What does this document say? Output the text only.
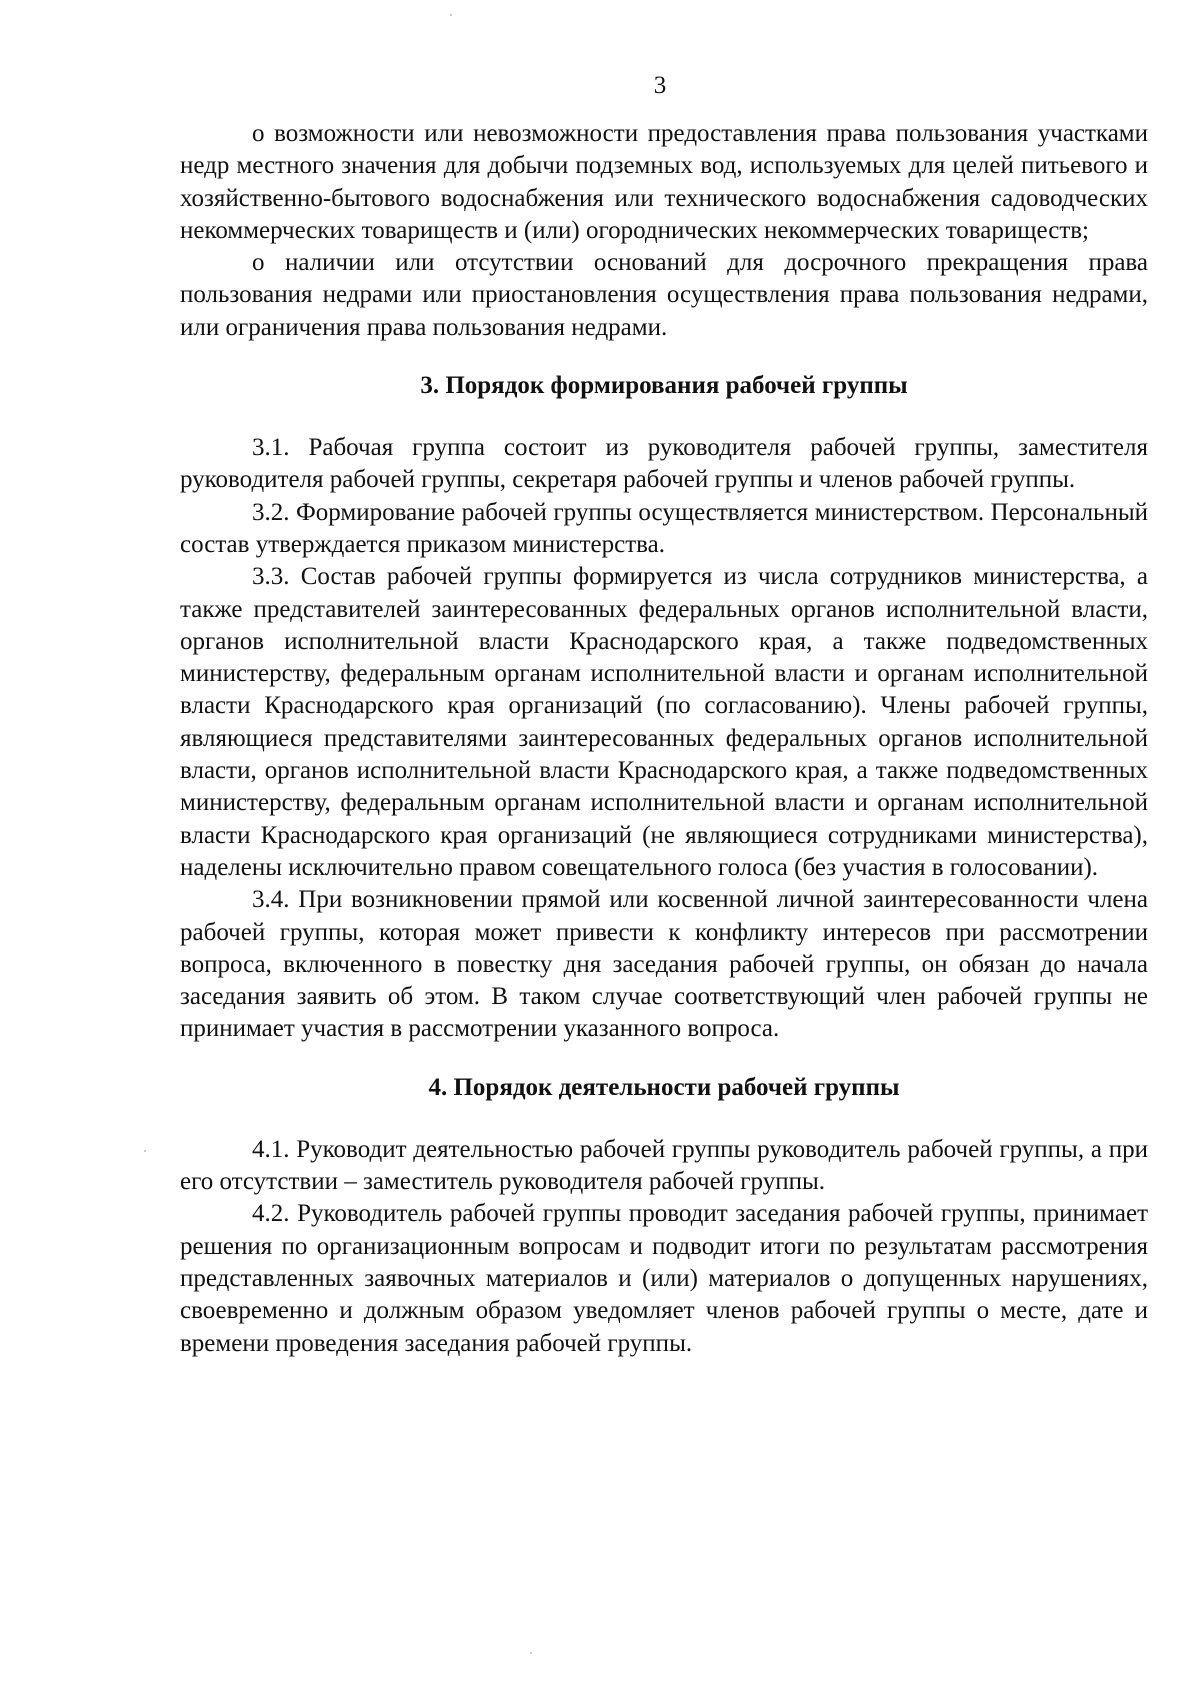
3

о возможности или невозможности предоставления права пользования участками недр местного значения для добычи подземных вод, используемых для целей питьевого и хозяйственно-бытового водоснабжения или технического водоснабжения садоводческих некоммерческих товариществ и (или) огороднических некоммерческих товариществ;

о наличии или отсутствии оснований для досрочного прекращения права пользования недрами или приостановления осуществления права пользования недрами, или ограничения права пользования недрами.

3. Порядок формирования рабочей группы

3.1. Рабочая группа состоит из руководителя рабочей группы, заместителя руководителя рабочей группы, секретаря рабочей группы и членов рабочей группы.

3.2. Формирование рабочей группы осуществляется министерством. Персональный состав утверждается приказом министерства.

3.3. Состав рабочей группы формируется из числа сотрудников министерства, а также представителей заинтересованных федеральных органов исполнительной власти, органов исполнительной власти Краснодарского края, а также подведомственных министерству, федеральным органам исполнительной власти и органам исполнительной власти Краснодарского края организаций (по согласованию). Члены рабочей группы, являющиеся представителями заинтересованных федеральных органов исполнительной власти, органов исполнительной власти Краснодарского края, а также подведомственных министерству, федеральным органам исполнительной власти и органам исполнительной власти Краснодарского края организаций (не являющиеся сотрудниками министерства), наделены исключительно правом совещательного голоса (без участия в голосовании).

3.4. При возникновении прямой или косвенной личной заинтересованности члена рабочей группы, которая может привести к конфликту интересов при рассмотрении вопроса, включенного в повестку дня заседания рабочей группы, он обязан до начала заседания заявить об этом. В таком случае соответствующий член рабочей группы не принимает участия в рассмотрении указанного вопроса.

4. Порядок деятельности рабочей группы

4.1. Руководит деятельностью рабочей группы руководитель рабочей группы, а при его отсутствии – заместитель руководителя рабочей группы.

4.2. Руководитель рабочей группы проводит заседания рабочей группы, принимает решения по организационным вопросам и подводит итоги по результатам рассмотрения представленных заявочных материалов и (или) материалов о допущенных нарушениях, своевременно и должным образом уведомляет членов рабочей группы о месте, дате и времени проведения заседания рабочей группы.
